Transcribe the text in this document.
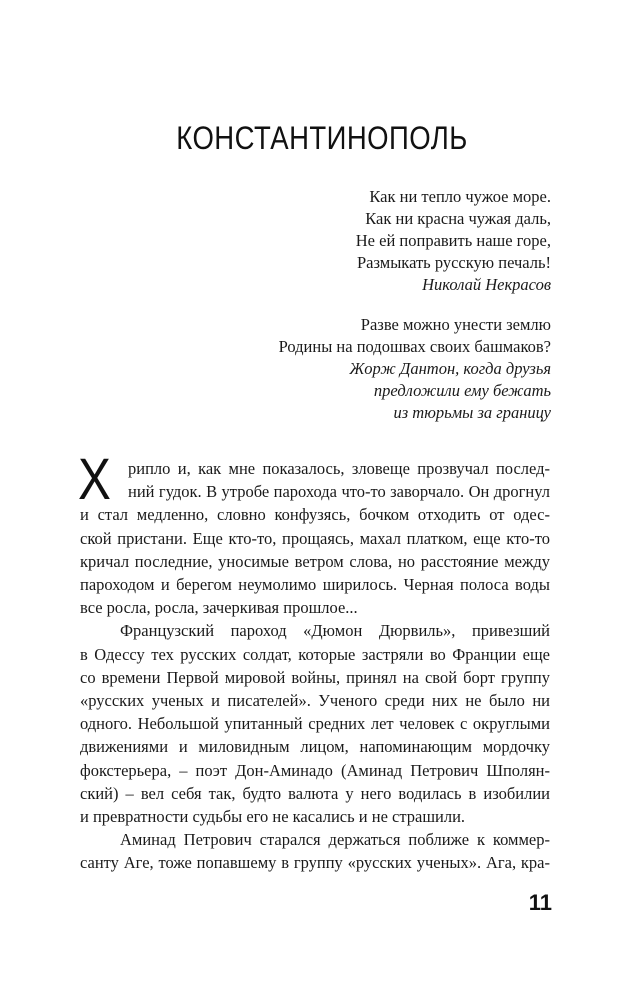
КОНСТАНТИНОПОЛЬ
Как ни тепло чужое море.
Как ни красна чужая даль,
Не ей поправить наше горе,
Размыкать русскую печаль!
Николай Некрасов
Разве можно унести землю
Родины на подошвах своих башмаков?
Жорж Дантон, когда друзья
предложили ему бежать
из тюрьмы за границу
Х	рипло и, как мне показалось, зловеще прозвучал послед-
ний гудок. В утробе парохода что-то заворчало. Он дрогнул
и стал медленно, словно конфузясь, бочком отходить от одес-
ской пристани. Еще кто-то, прощаясь, махал платком, еще кто-то
кричал последние, уносимые ветром слова, но расстояние между
пароходом и берегом неумолимо ширилось. Черная полоса воды
все росла, росла, зачеркивая прошлое...
Французский пароход «Дюмон Дюрвиль», привезший
в Одессу тех русских солдат, которые застряли во Франции еще
со времени Первой мировой войны, принял на свой борт группу
«русских ученых и писателей». Ученого среди них не было ни
одного. Небольшой упитанный средних лет человек с округлыми
движениями и миловидным лицом, напоминающим мордочку
фокстерьера, – поэт Дон-Аминадо (Аминад Петрович Шполян-
ский) – вел себя так, будто валюта у него водилась в изобилии
и превратности судьбы его не касались и не страшили.
Аминад Петрович старался держаться поближе к коммер-
санту Аге, тоже попавшему в группу «русских ученых». Ага, кра-
11
